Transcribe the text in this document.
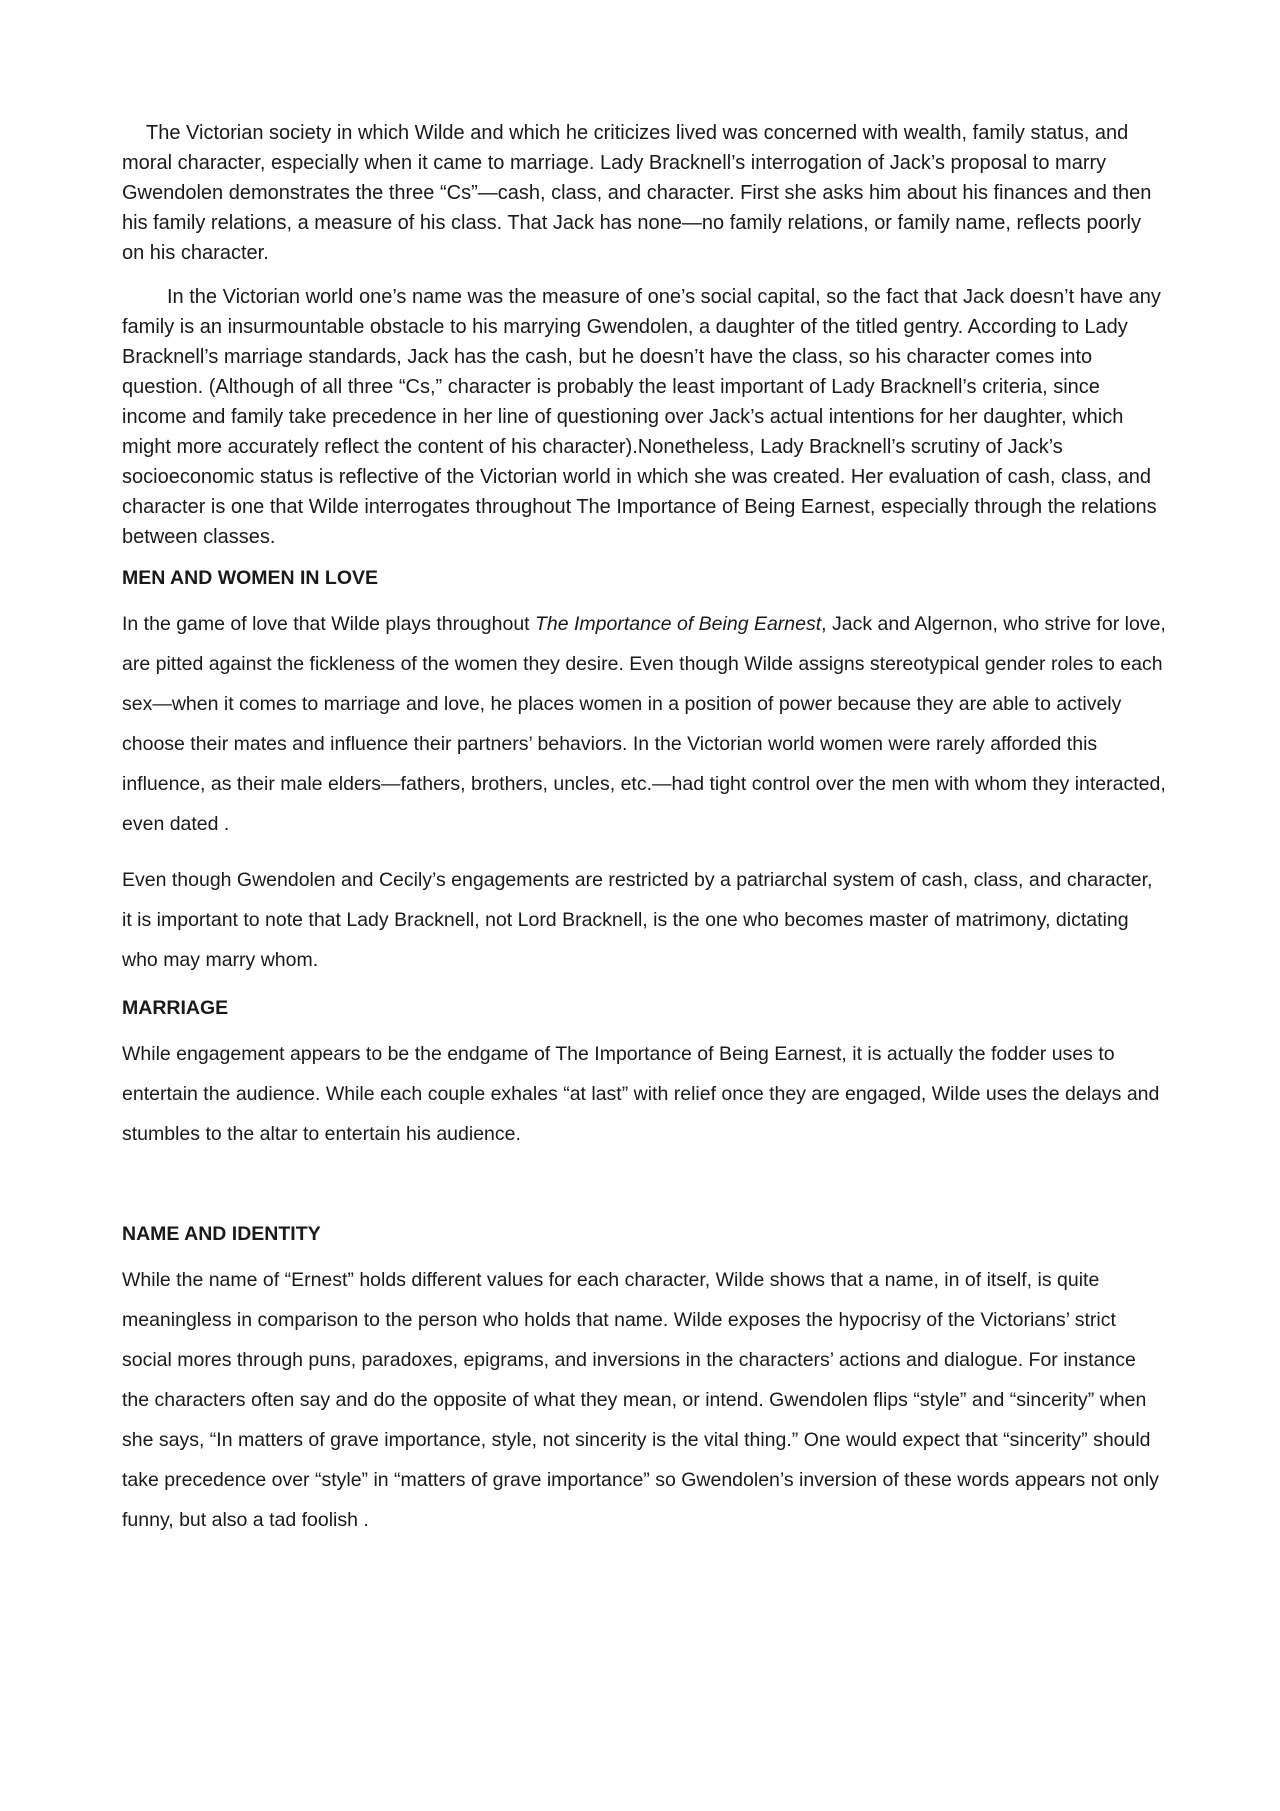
The Victorian society in which Wilde and which he criticizes lived was concerned with wealth, family status, and moral character, especially when it came to marriage. Lady Bracknell’s interrogation of Jack’s proposal to marry Gwendolen demonstrates the three “Cs”—cash, class, and character. First she asks him about his finances and then his family relations, a measure of his class. That Jack has none—no family relations, or family name, reflects poorly on his character.

In the Victorian world one’s name was the measure of one’s social capital, so the fact that Jack doesn’t have any family is an insurmountable obstacle to his marrying Gwendolen, a daughter of the titled gentry. According to Lady Bracknell’s marriage standards, Jack has the cash, but he doesn’t have the class, so his character comes into question. (Although of all three “Cs,” character is probably the least important of Lady Bracknell’s criteria, since income and family take precedence in her line of questioning over Jack’s actual intentions for her daughter, which might more accurately reflect the content of his character).Nonetheless, Lady Bracknell’s scrutiny of Jack’s socioeconomic status is reflective of the Victorian world in which she was created. Her evaluation of cash, class, and character is one that Wilde interrogates throughout The Importance of Being Earnest, especially through the relations between classes.

MEN AND WOMEN IN LOVE

In the game of love that Wilde plays throughout The Importance of Being Earnest, Jack and Algernon, who strive for love, are pitted against the fickleness of the women they desire. Even though Wilde assigns stereotypical gender roles to each sex—when it comes to marriage and love, he places women in a position of power because they are able to actively choose their mates and influence their partners’ behaviors. In the Victorian world women were rarely afforded this influence, as their male elders—fathers, brothers, uncles, etc.—had tight control over the men with whom they interacted, even dated .

Even though Gwendolen and Cecily’s engagements are restricted by a patriarchal system of cash, class, and character, it is important to note that Lady Bracknell, not Lord Bracknell, is the one who becomes master of matrimony, dictating who may marry whom.

MARRIAGE

While engagement appears to be the endgame of The Importance of Being Earnest, it is actually the fodder uses to entertain the audience. While each couple exhales “at last” with relief once they are engaged, Wilde uses the delays and stumbles to the altar to entertain his audience.

NAME AND IDENTITY

While the name of “Ernest” holds different values for each character, Wilde shows that a name, in of itself, is quite meaningless in comparison to the person who holds that name. Wilde exposes the hypocrisy of the Victorians’ strict social mores through puns, paradoxes, epigrams, and inversions in the characters’ actions and dialogue. For instance the characters often say and do the opposite of what they mean, or intend. Gwendolen flips “style” and “sincerity” when she says, “In matters of grave importance, style, not sincerity is the vital thing.” One would expect that “sincerity” should take precedence over “style” in “matters of grave importance” so Gwendolen’s inversion of these words appears not only funny, but also a tad foolish .
